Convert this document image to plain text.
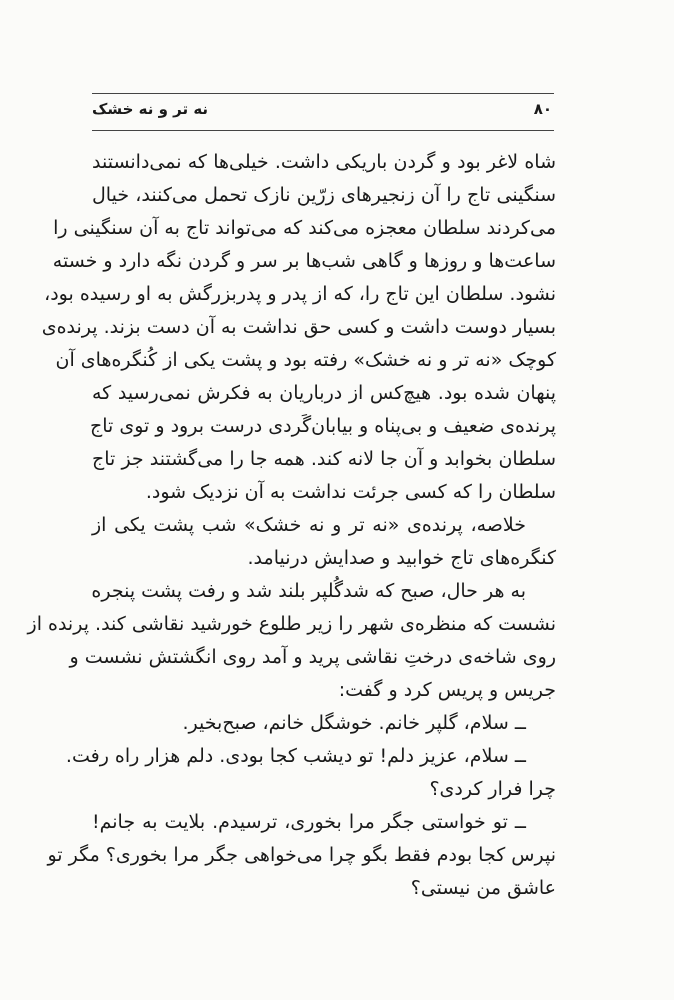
۸۰
نه تر و نه خشک
شاه لاغر بود و گردن باریکی داشت. خیلی‌ها که نمی‌دانستند
سنگینی تاج را آن زنجیرهای زرّین نازک تحمل می‌کنند، خیال
می‌کردند سلطان معجزه می‌کند که می‌تواند تاج به آن سنگینی را
ساعت‌ها و روزها و گاهی شب‌ها بر سر و گردن نگه دارد و خسته
نشود. سلطان این تاج را، که از پدر و پدربزرگش به او رسیده بود،
بسیار دوست داشت و کسی حق نداشت به آن دست بزند. پرنده‌ی
کوچک «نه تر و نه خشک» رفته بود و پشت یکی از کُنگره‌های آن
پنهان شده بود. هیچ‌کس از درباریان به فکرش نمی‌رسید که
پرنده‌ی ضعیف و بی‌پناه و بیابان‌گَردی درست برود و توی تاج
سلطان بخوابد و آن جا لانه کند. همه جا را می‌گشتند جز تاج
سلطان را که کسی جرئت نداشت به آن نزدیک شود.
خلاصه، پرنده‌ی «نه تر و نه خشک» شب پشت یکی از
کنگره‌های تاج خوابید و صدایش درنیامد.
به هر حال، صبح که شدگُلپر بلند شد و رفت پشت پنجره
نشست که منظره‌ی شهر را زیر طلوع خورشید نقاشی کند. پرنده از
روی شاخه‌ی درختِ نقاشی پرید و آمد روی انگشتش نشست و
جریس و پریس کرد و گفت:
ــ سلام، گلپر خانم. خوشگل خانم، صبح‌بخیر.
ــ سلام، عزیز دلم! تو دیشب کجا بودی. دلم هزار راه رفت.
چرا فرار کردی؟
ــ تو خواستی جگر مرا بخوری، ترسیدم. بلایت به جانم!
نپرس کجا بودم فقط بگو چرا می‌خواهی جگر مرا بخوری؟ مگر تو
عاشق من نیستی؟
